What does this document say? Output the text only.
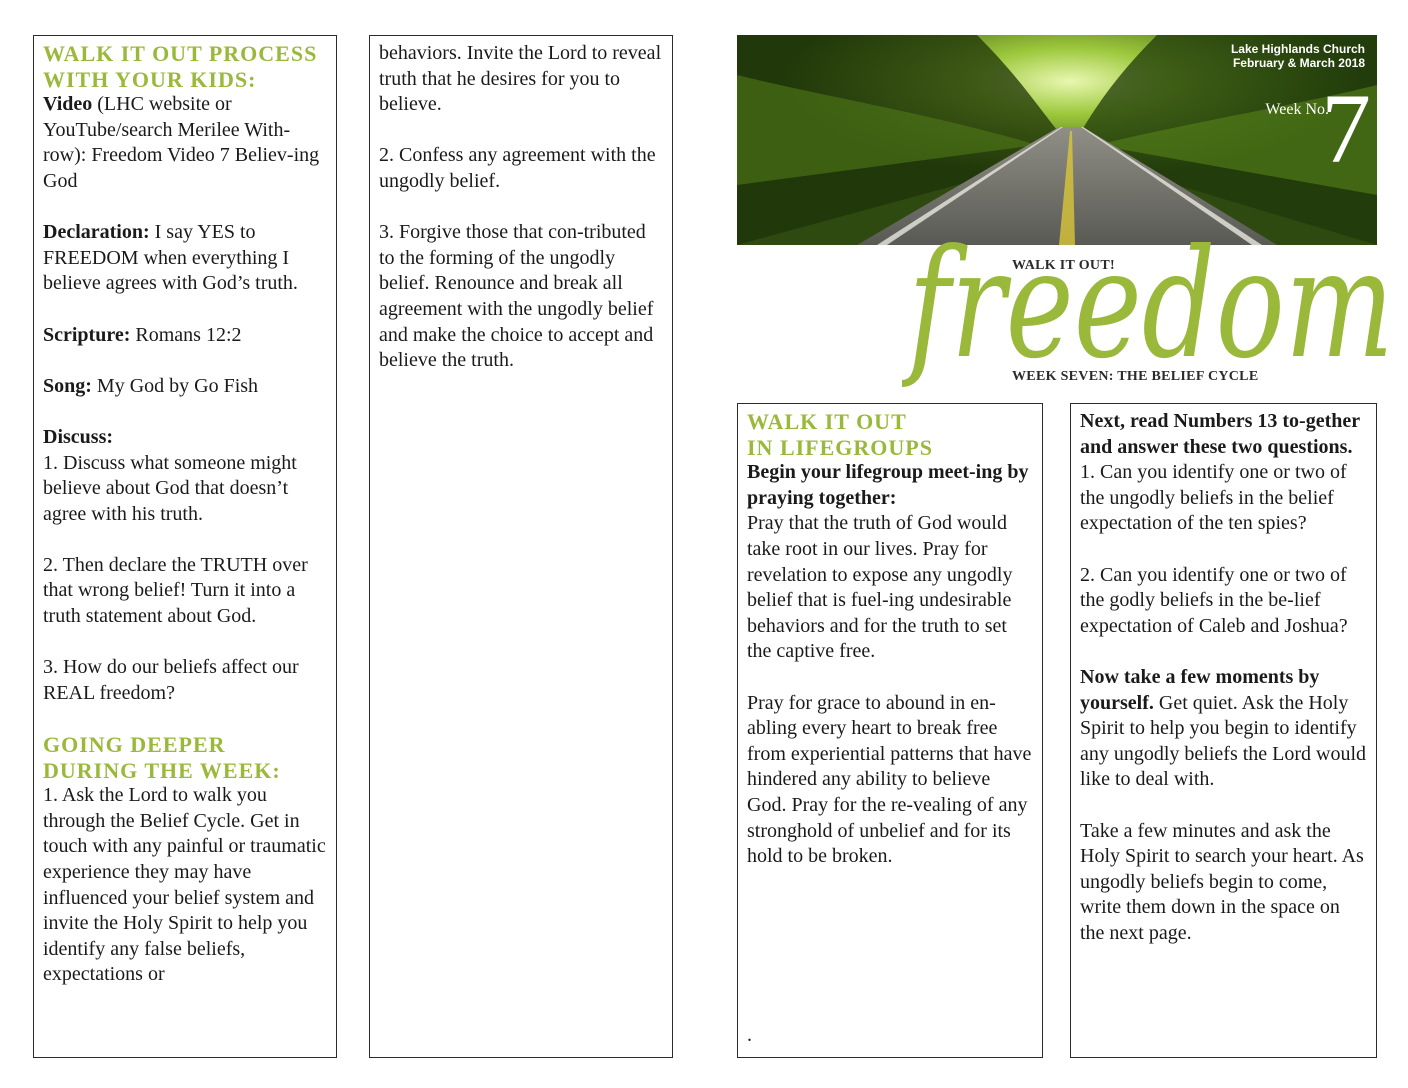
WALK IT OUT PROCESS
WITH YOUR KIDS:
Video (LHC website or YouTube/search Merilee With-row): Freedom Video 7 Believ-ing God
Declaration: I say YES to FREEDOM when everything I believe agrees with God’s truth.
Scripture: Romans 12:2
Song: My God by Go Fish
Discuss:
1. Discuss what someone might believe about God that doesn’t agree with his truth.
2. Then declare the TRUTH over that wrong belief! Turn it into a truth statement about God.
3. How do our beliefs affect our REAL freedom?
GOING DEEPER
DURING THE WEEK:
1. Ask the Lord to walk you through the Belief Cycle. Get in touch with any painful or traumatic experience they may have influenced your belief system and invite the Holy Spirit to help you identify any false beliefs, expectations or
behaviors. Invite the Lord to reveal truth that he desires for you to believe.
2. Confess any agreement with the ungodly belief.
3. Forgive those that con-tributed to the forming of the ungodly belief. Renounce and break all agreement with the ungodly belief and make the choice to accept and believe the truth.
Lake Highlands Church
February & March 2018
Week No.
7
freedom
WALK IT OUT!
WEEK SEVEN: THE BELIEF CYCLE
WALK IT OUT
IN LIFEGROUPS
Begin your lifegroup meet-ing by praying together:
Pray that the truth of God would take root in our lives. Pray for revelation to expose any ungodly belief that is fuel-ing undesirable behaviors and for the truth to set the captive free.
Pray for grace to abound in en-abling every heart to break free from experiential patterns that have hindered any ability to believe God. Pray for the re-vealing of any stronghold of unbelief and for its hold to be broken.
.
Next, read Numbers 13 to-gether and answer these two questions.
1. Can you identify one or two of the ungodly beliefs in the belief expectation of the ten spies?
2. Can you identify one or two of the godly beliefs in the be-lief expectation of Caleb and Joshua?
Now take a few moments by yourself. Get quiet. Ask the Holy Spirit to help you begin to identify any ungodly beliefs the Lord would like to deal with.
Take a few minutes and ask the Holy Spirit to search your heart. As ungodly beliefs begin to come, write them down in the space on the next page.
